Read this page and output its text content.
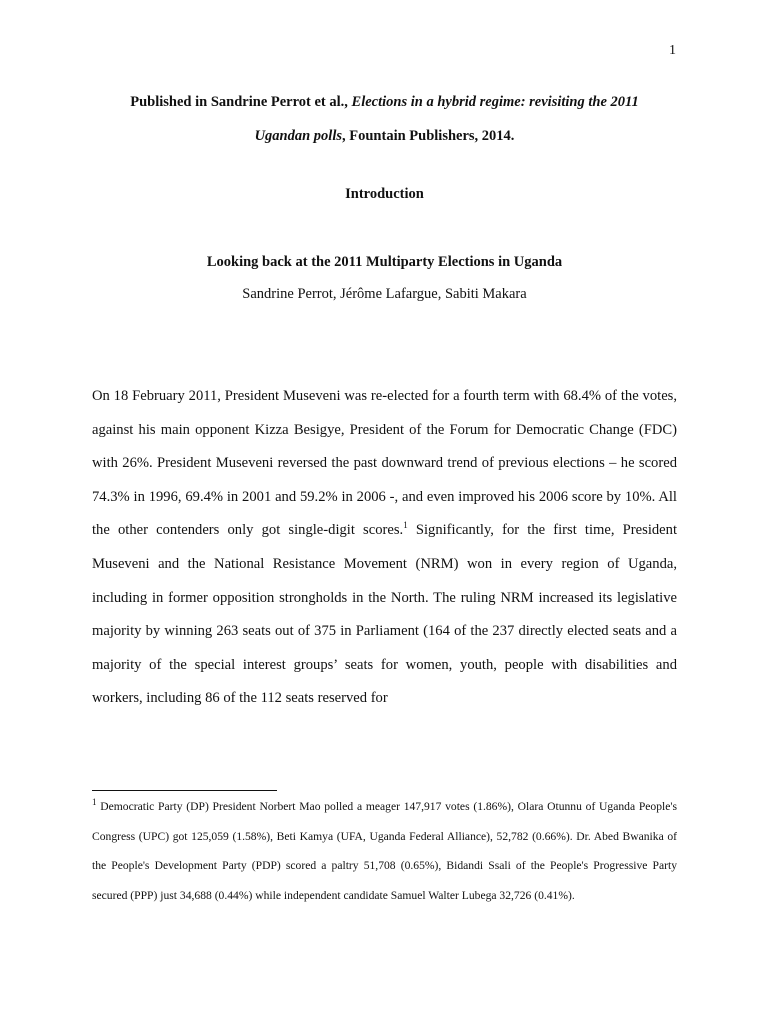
1
Published in Sandrine Perrot et al., Elections in a hybrid regime: revisiting the 2011
Ugandan polls, Fountain Publishers, 2014.
Introduction
Looking back at the 2011 Multiparty Elections in Uganda
Sandrine Perrot, Jérôme Lafargue, Sabiti Makara

On 18 February 2011, President Museveni was re-elected for a fourth term with 68.4% of the votes, against his main opponent Kizza Besigye, President of the Forum for Democratic Change (FDC) with 26%. President Museveni reversed the past downward trend of previous elections – he scored 74.3% in 1996, 69.4% in 2001 and 59.2% in 2006 -, and even improved his 2006 score by 10%. All the other contenders only got single-digit scores.$^1$ Significantly, for the first time, President Museveni and the National Resistance Movement (NRM) won in every region of Uganda, including in former opposition strongholds in the North. The ruling NRM increased its legislative majority by winning 263 seats out of 375 in Parliament (164 of the 237 directly elected seats and a majority of the special interest groups’ seats for women, youth, people with disabilities and workers, including 86 of the 112 seats reserved for

$^1$ Democratic Party (DP) President Norbert Mao polled a meager 147,917 votes (1.86%), Olara Otunnu of Uganda People's Congress (UPC) got 125,059 (1.58%), Beti Kamya (UFA, Uganda Federal Alliance), 52,782 (0.66%). Dr. Abed Bwanika of the People's Development Party (PDP) scored a paltry 51,708 (0.65%), Bidandi Ssali of the People's Progressive Party secured (PPP) just 34,688 (0.44%) while independent candidate Samuel Walter Lubega 32,726 (0.41%).
